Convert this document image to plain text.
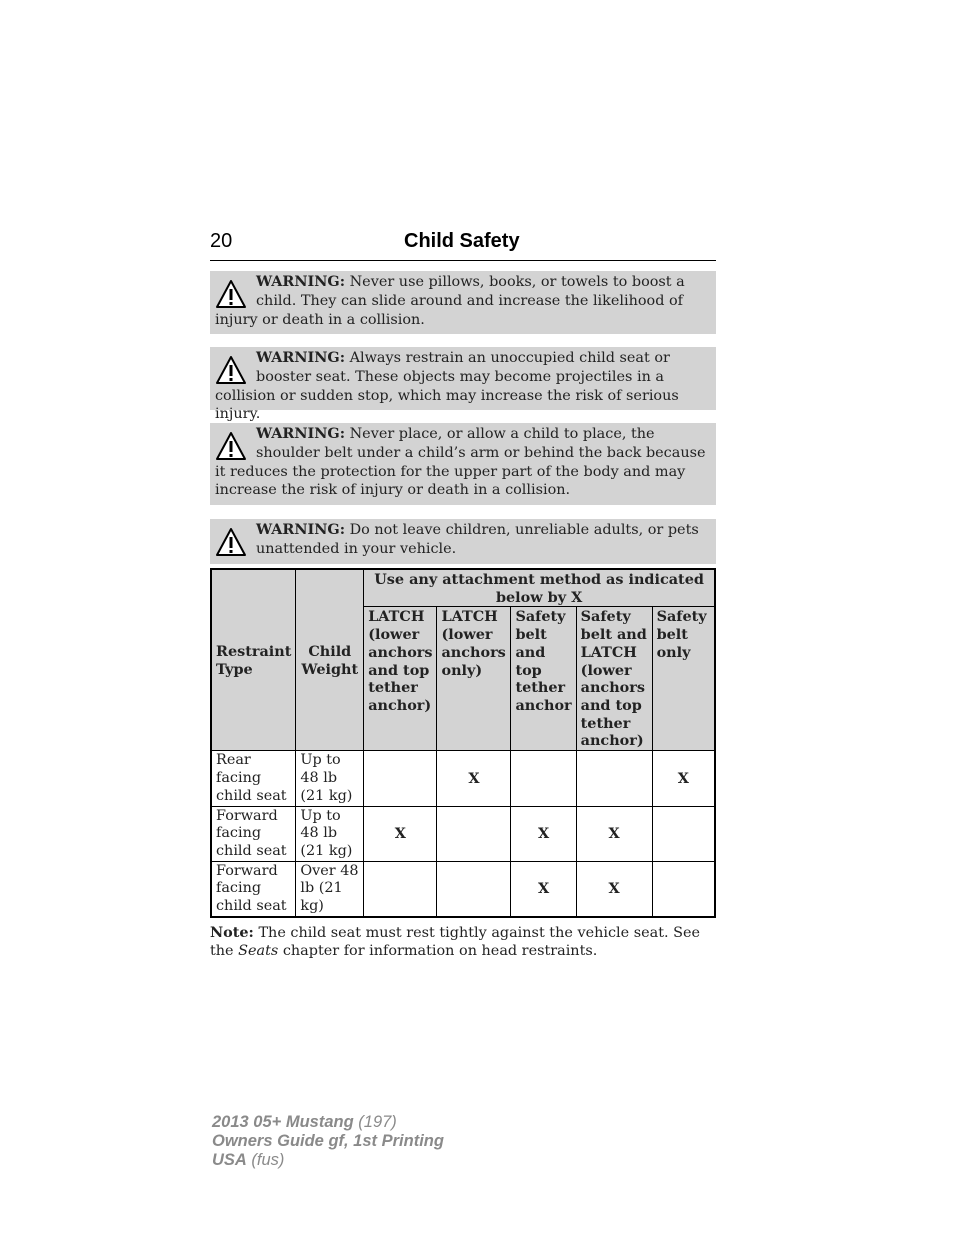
20	Child Safety
WARNING: Never use pillows, books, or towels to boost a child. They can slide around and increase the likelihood of injury or death in a collision.
WARNING: Always restrain an unoccupied child seat or booster seat. These objects may become projectiles in a collision or sudden stop, which may increase the risk of serious injury.
WARNING: Never place, or allow a child to place, the shoulder belt under a child’s arm or behind the back because it reduces the protection for the upper part of the body and may increase the risk of injury or death in a collision.
WARNING: Do not leave children, unreliable adults, or pets unattended in your vehicle.
Restraint Type	Child Weight	Use any attachment method as indicated below by X				
		LATCH (lower anchors and top tether anchor)	LATCH (lower anchors only)	Safety belt and top tether anchor	Safety belt and LATCH (lower anchors and top tether anchor)	Safety belt only
Rear facing child seat	Up to 48 lb (21 kg)		X			X
Forward facing child seat	Up to 48 lb (21 kg)	X		X	X	
Forward facing child seat	Over 48 lb (21 kg)			X	X	
Note: The child seat must rest tightly against the vehicle seat. See the Seats chapter for information on head restraints.
2013 05+ Mustang (197)
Owners Guide gf, 1st Printing
USA (fus)
